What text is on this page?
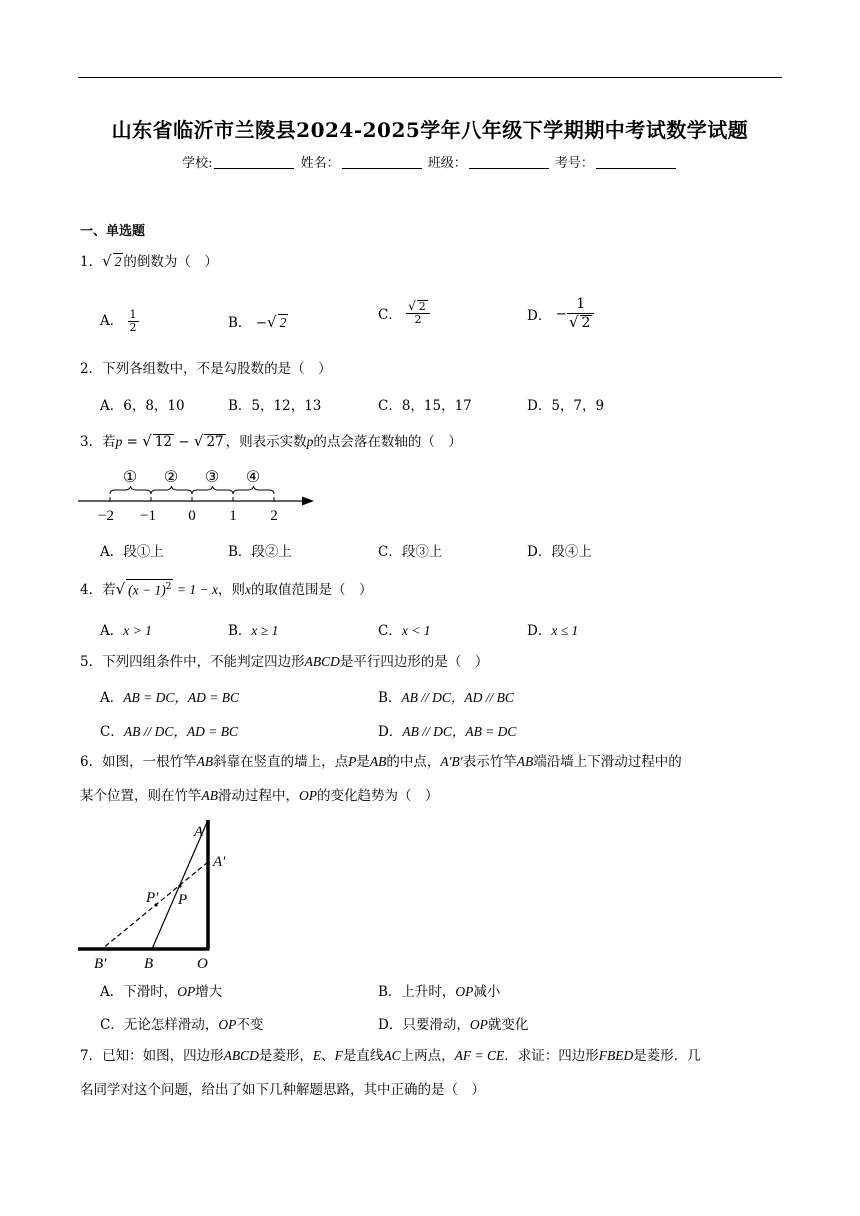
山东省临沂市兰陵县2024-2025学年八年级下学期期中考试数学试题
学校:	姓名：	班级：	考号：
一、单选题
1．√ 2 的倒数为（　）
A． $\frac{1}{2}$	B． −√ 2	C． $\frac{√ 2}{2}$	D． − $\frac{1}{√ 2}$
2．下列各组数中，不是勾股数的是（　）
A．6，8，10	B．5，12，13	C．8，15，17	D．5，7，9
3．若p = √ 12 − √ 27 ，则表示实数p的点会落在数轴的（　）
① ② ③ ④
−2 −1 0 1 2
A．段①上	B．段②上	C．段③上	D．段④上
4．若√ $(x - 1)^2 = 1 - x$，则x的取值范围是（　）
A．x > 1	B．x ≥ 1	C．x < 1	D．x ≤ 1
5．下列四组条件中，不能判定四边形ABCD是平行四边形的是（　）
A．AB = DC，AD = BC	B．AB // DC，AD // BC
C．AB // DC，AD = BC	D．AB // DC，AB = DC
6．如图，一根竹竿AB斜靠在竖直的墙上，点P是AB的中点，A′B′表示竹竿AB端沿墙上下滑动过程中的
某个位置，则在竹竿AB滑动过程中，OP的变化趋势为（　）
A
A′
P′ P
B′	B	O
A．下滑时，OP增大	B．上升时，OP减小
C．无论怎样滑动，OP不变	D．只要滑动，OP就变化
7．已知：如图，四边形ABCD是菱形，E、F是直线AC上两点，AF = CE．求证：四边形FBED是菱形．几
名同学对这个问题，给出了如下几种解题思路，其中正确的是（　）
